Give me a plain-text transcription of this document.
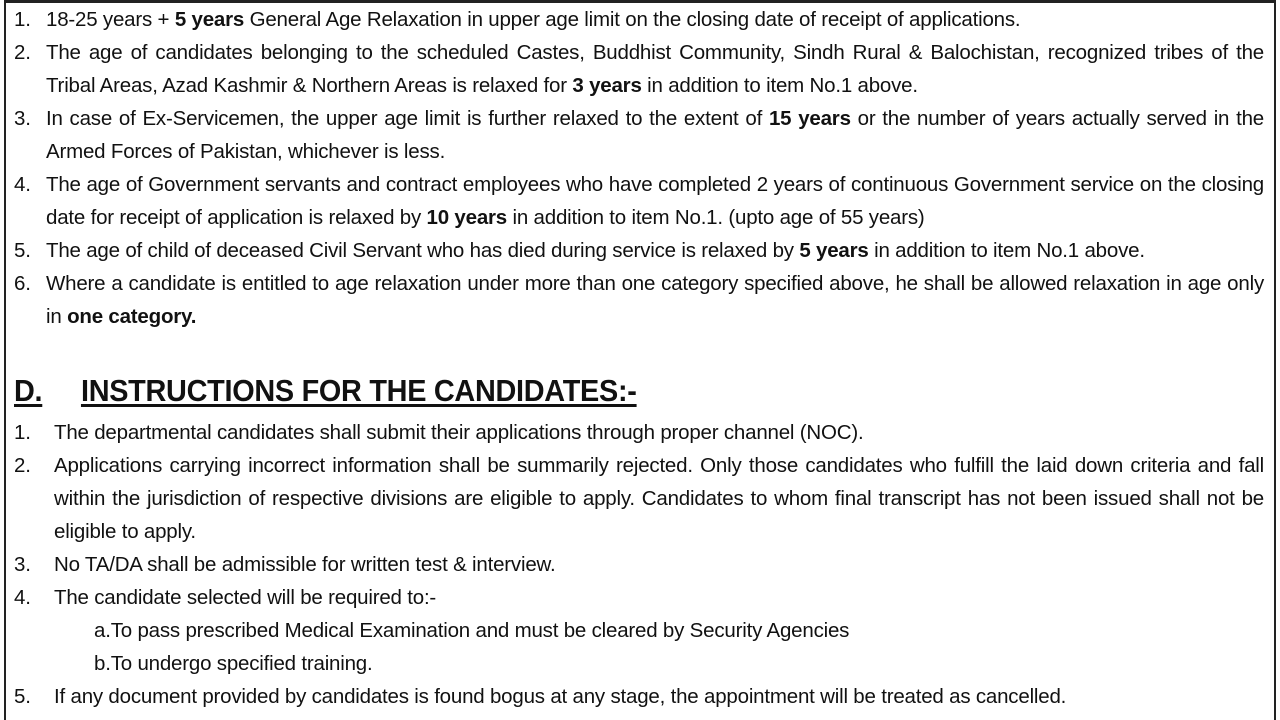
1. 18-25 years + 5 years General Age Relaxation in upper age limit on the closing date of receipt of applications.
2. The age of candidates belonging to the scheduled Castes, Buddhist Community, Sindh Rural & Balochistan, recognized tribes of the Tribal Areas, Azad Kashmir & Northern Areas is relaxed for 3 years in addition to item No.1 above.
3. In case of Ex-Servicemen, the upper age limit is further relaxed to the extent of 15 years or the number of years actually served in the Armed Forces of Pakistan, whichever is less.
4. The age of Government servants and contract employees who have completed 2 years of continuous Government service on the closing date for receipt of application is relaxed by 10 years in addition to item No.1. (upto age of 55 years)
5. The age of child of deceased Civil Servant who has died during service is relaxed by 5 years in addition to item No.1 above.
6. Where a candidate is entitled to age relaxation under more than one category specified above, he shall be allowed relaxation in age only in one category.
D. INSTRUCTIONS FOR THE CANDIDATES:-
1. The departmental candidates shall submit their applications through proper channel (NOC).
2. Applications carrying incorrect information shall be summarily rejected. Only those candidates who fulfill the laid down criteria and fall within the jurisdiction of respective divisions are eligible to apply. Candidates to whom final transcript has not been issued shall not be eligible to apply.
3. No TA/DA shall be admissible for written test & interview.
4. The candidate selected will be required to:-
a.To pass prescribed Medical Examination and must be cleared by Security Agencies
b.To undergo specified training.
5. If any document provided by candidates is found bogus at any stage, the appointment will be treated as cancelled.
